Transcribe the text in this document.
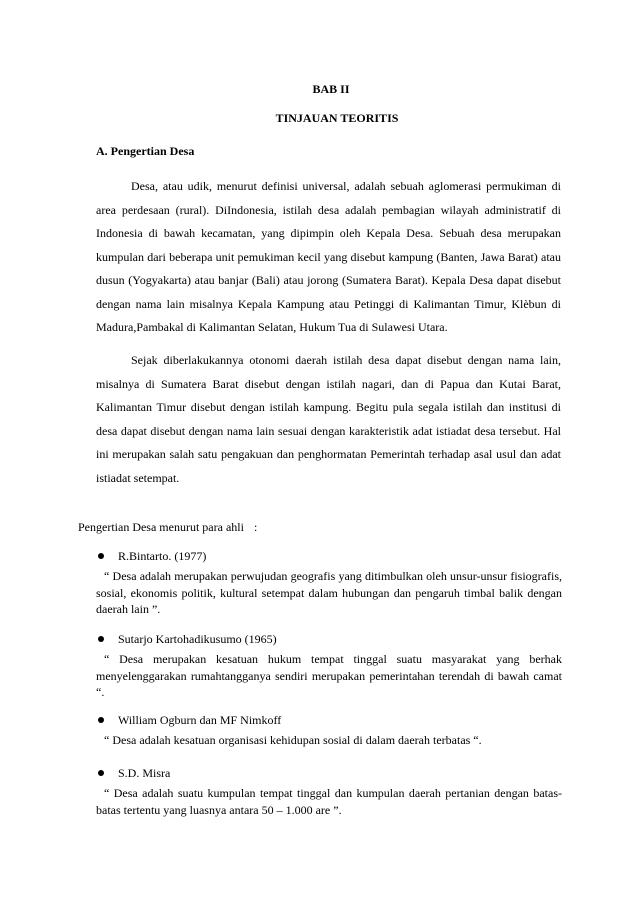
BAB II
TINJAUAN TEORITIS
A. Pengertian Desa

Desa, atau udik, menurut definisi universal, adalah sebuah aglomerasi permukiman di area perdesaan (rural). DiIndonesia, istilah desa adalah pembagian wilayah administratif di Indonesia di bawah kecamatan, yang dipimpin oleh Kepala Desa. Sebuah desa merupakan kumpulan dari beberapa unit pemukiman kecil yang disebut kampung (Banten, Jawa Barat) atau dusun (Yogyakarta) atau banjar (Bali) atau jorong (Sumatera Barat). Kepala Desa dapat disebut dengan nama lain misalnya Kepala Kampung atau Petinggi di Kalimantan Timur, Klèbun di Madura,Pambakal di Kalimantan Selatan, Hukum Tua di Sulawesi Utara.

Sejak diberlakukannya otonomi daerah istilah desa dapat disebut dengan nama lain, misalnya di Sumatera Barat disebut dengan istilah nagari, dan di Papua dan Kutai Barat, Kalimantan Timur disebut dengan istilah kampung. Begitu pula segala istilah dan institusi di desa dapat disebut dengan nama lain sesuai dengan karakteristik adat istiadat desa tersebut. Hal ini merupakan salah satu pengakuan dan penghormatan Pemerintah terhadap asal usul dan adat istiadat setempat.

Pengertian Desa menurut para ahli :
R.Bintarto. (1977)

“ Desa adalah merupakan perwujudan geografis yang ditimbulkan oleh unsur-unsur fisiografis, sosial, ekonomis politik, kultural setempat dalam hubungan dan pengaruh timbal balik dengan daerah lain ”.

Sutarjo Kartohadikusumo (1965)

“ Desa merupakan kesatuan hukum tempat tinggal suatu masyarakat yang berhak menyelenggarakan rumahtangganya sendiri merupakan pemerintahan terendah di bawah camat “.

William Ogburn dan MF Nimkoff

“ Desa adalah kesatuan organisasi kehidupan sosial di dalam daerah terbatas “.

S.D. Misra

“ Desa adalah suatu kumpulan tempat tinggal dan kumpulan daerah pertanian dengan batas-batas tertentu yang luasnya antara 50 – 1.000 are ”.
